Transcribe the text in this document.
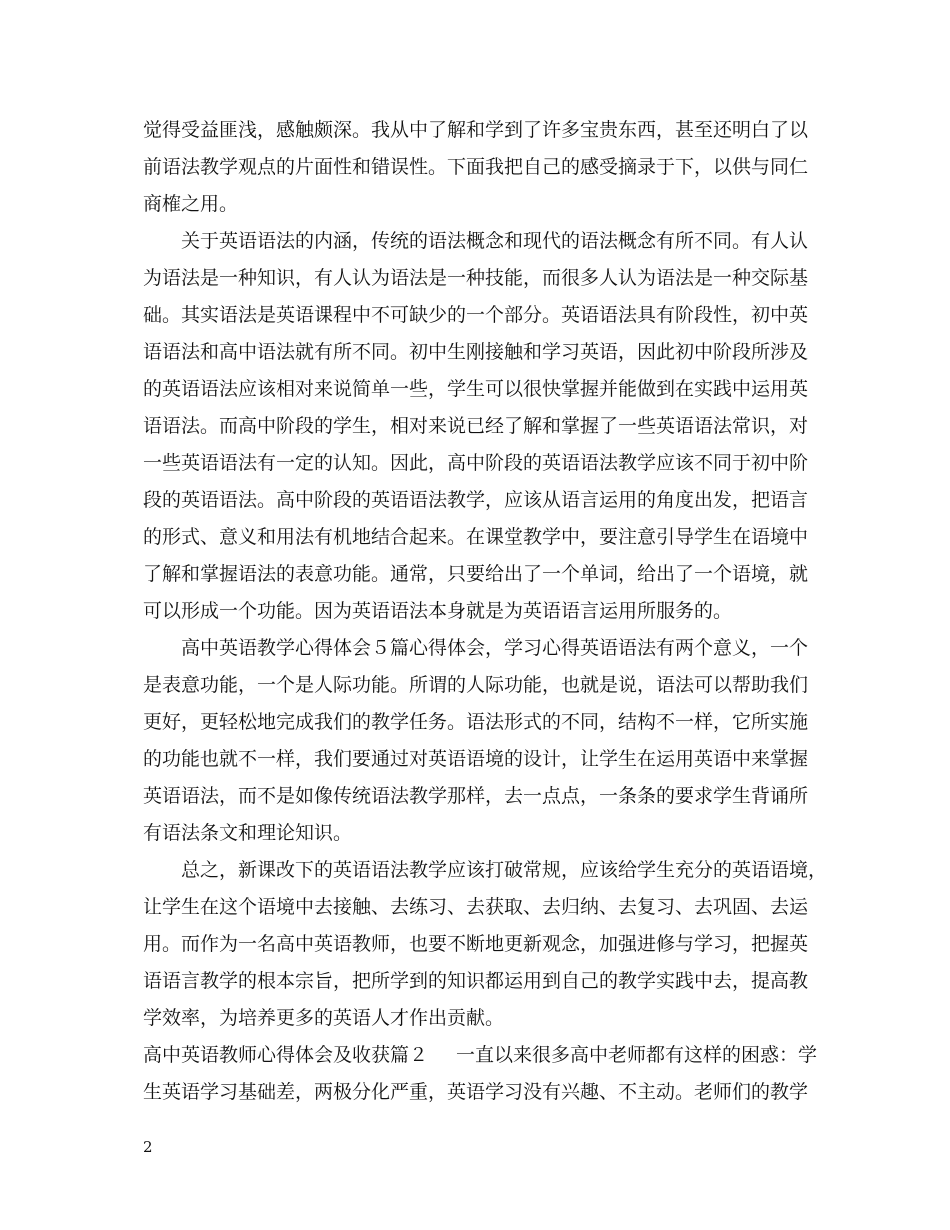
觉得受益匪浅，感触颇深。我从中了解和学到了许多宝贵东西，甚至还明白了以
前语法教学观点的片面性和错误性。下面我把自己的感受摘录于下，以供与同仁
商榷之用。
关于英语语法的内涵，传统的语法概念和现代的语法概念有所不同。有人认
为语法是一种知识，有人认为语法是一种技能，而很多人认为语法是一种交际基
础。其实语法是英语课程中不可缺少的一个部分。英语语法具有阶段性，初中英
语语法和高中语法就有所不同。初中生刚接触和学习英语，因此初中阶段所涉及
的英语语法应该相对来说简单一些，学生可以很快掌握并能做到在实践中运用英
语语法。而高中阶段的学生，相对来说已经了解和掌握了一些英语语法常识，对
一些英语语法有一定的认知。因此，高中阶段的英语语法教学应该不同于初中阶
段的英语语法。高中阶段的英语语法教学，应该从语言运用的角度出发，把语言
的形式、意义和用法有机地结合起来。在课堂教学中，要注意引导学生在语境中
了解和掌握语法的表意功能。通常，只要给出了一个单词，给出了一个语境，就
可以形成一个功能。因为英语语法本身就是为英语语言运用所服务的。
高中英语教学心得体会５篇心得体会，学习心得英语语法有两个意义，一个
是表意功能，一个是人际功能。所谓的人际功能，也就是说，语法可以帮助我们
更好，更轻松地完成我们的教学任务。语法形式的不同，结构不一样，它所实施
的功能也就不一样，我们要通过对英语语境的设计，让学生在运用英语中来掌握
英语语法，而不是如像传统语法教学那样，去一点点，一条条的要求学生背诵所
有语法条文和理论知识。
总之，新课改下的英语语法教学应该打破常规，应该给学生充分的英语语境，
让学生在这个语境中去接触、去练习、去获取、去归纳、去复习、去巩固、去运
用。而作为一名高中英语教师，也要不断地更新观念，加强进修与学习，把握英
语语言教学的根本宗旨，把所学到的知识都运用到自己的教学实践中去，提高教
学效率，为培养更多的英语人才作出贡献。
高中英语教师心得体会及收获篇２ 一直以来很多高中老师都有这样的困惑：学
生英语学习基础差，两极分化严重，英语学习没有兴趣、不主动。老师们的教学
2
